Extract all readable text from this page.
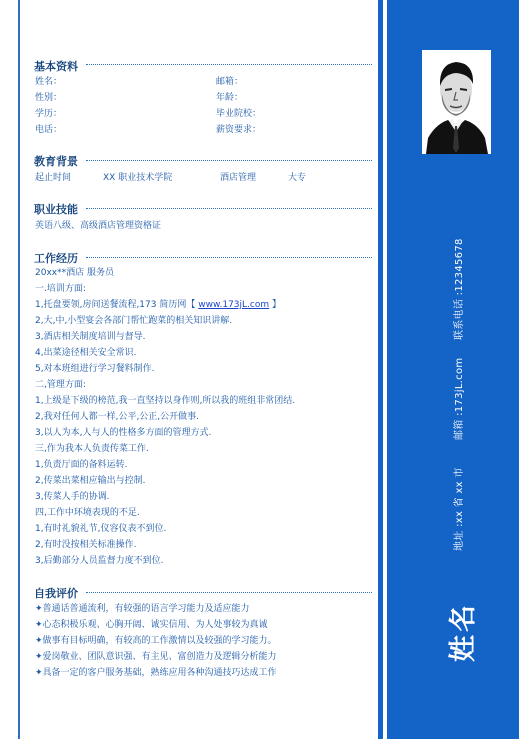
基本资料
姓名：	邮箱：
性别：	年龄：
学历：	毕业院校：
电话：	薪资要求：
教育背景
起止时间	XX 职业技术学院	酒店管理	大专
职业技能
英语八级、高级酒店管理资格证
工作经历
20xx**酒店 服务员
一.培训方面:
1,托盘要领,房间送餐流程,173 简历网【 www.173jL.com 】
2,大,中,小型宴会各部门帮忙跑菜的相关知识讲解.
3,酒店相关制度培训与督导.
4,出菜途径相关安全常识.
5,对本班组进行学习餐料制作.
二,管理方面:
1,上级是下级的榜范,我一直坚持以身作则,所以我的班组非常团结.
2,我对任何人都一样,公平,公正,公开做事.
3,以人为本,人与人的性格多方面的管理方式.
三,作为我本人负责传菜工作.
1,负责厅面的备料运转.
2,传菜出菜相应输出与控制.
3,传菜人手的协调.
四,工作中环境表现的不足.
1,有时礼貌礼节,仪容仪表不到位.
2,有时没按相关标准操作.
3,后勤部分人员监督力度不到位.
自我评价
✦普通话普通流利，有较强的语言学习能力及适应能力
✦心态积极乐观、心胸开阔、诚实信用、为人处事较为真诚
✦做事有目标明确，有较高的工作激情以及较强的学习能力。
✦爱岗敬业、团队意识强、有主见、富创造力及逻辑分析能力
✦具备一定的客户服务基础，熟练应用各种沟通技巧达成工作
联系电话 :12345678
邮箱 :173jL.com
地址 :xx 省 xx 市
姓名
